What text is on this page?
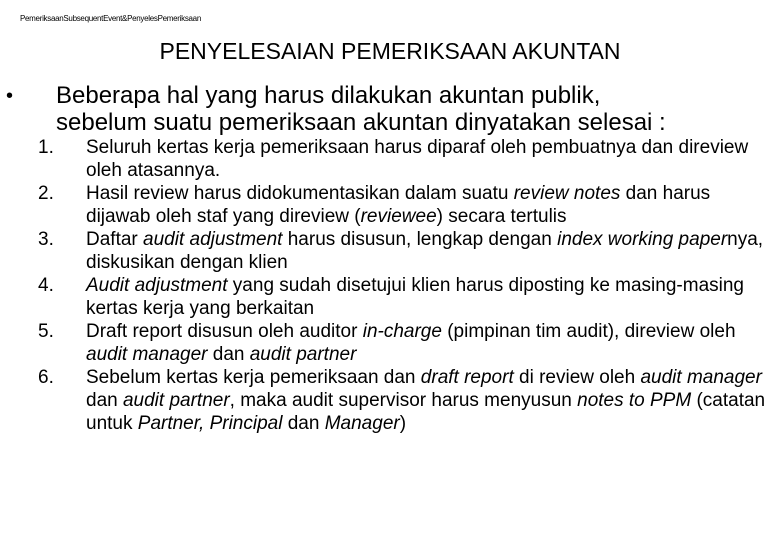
PemeriksaanSubsequentEvent&PenyelesPemeriksaan
PENYELESAIAN PEMERIKSAAN AKUNTAN
• Beberapa hal yang harus dilakukan akuntan publik,
sebelum suatu pemeriksaan akuntan dinyatakan selesai :
1. Seluruh kertas kerja pemeriksaan harus diparaf oleh pembuatnya dan direview oleh atasannya.
2. Hasil review harus didokumentasikan dalam suatu review notes dan harus dijawab oleh staf yang direview (reviewee) secara tertulis
3. Daftar audit adjustment harus disusun, lengkap dengan index working papernya, diskusikan dengan klien
4. Audit adjustment yang sudah disetujui klien harus diposting ke masing-masing kertas kerja yang berkaitan
5. Draft report disusun oleh auditor in-charge (pimpinan tim audit), direview oleh audit manager dan audit partner
6. Sebelum kertas kerja pemeriksaan dan draft report di review oleh audit manager dan audit partner, maka audit supervisor harus menyusun notes to PPM (catatan untuk Partner, Principal dan Manager)
